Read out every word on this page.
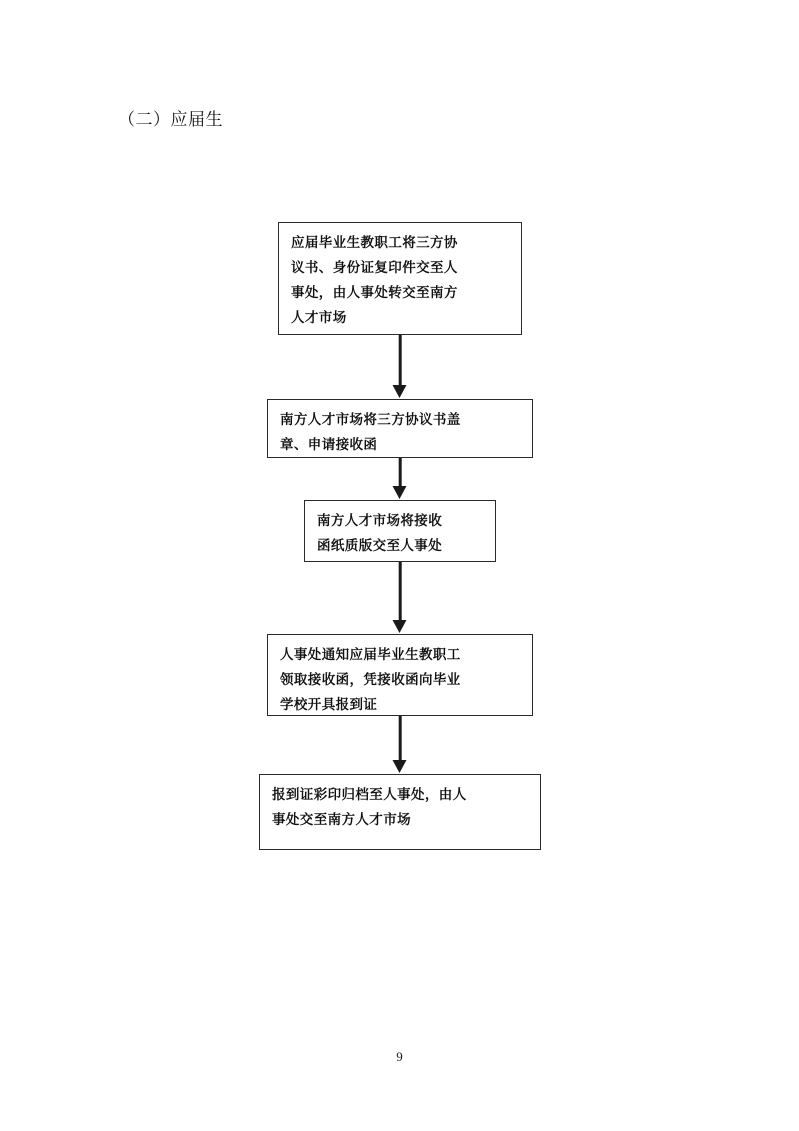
（二）应届生
应届毕业生教职工将三方协
议书、身份证复印件交至人
事处，由人事处转交至南方
人才市场
南方人才市场将三方协议书盖
章、申请接收函
南方人才市场将接收
函纸质版交至人事处
人事处通知应届毕业生教职工
领取接收函，凭接收函向毕业
学校开具报到证
报到证彩印归档至人事处，由人
事处交至南方人才市场
9
